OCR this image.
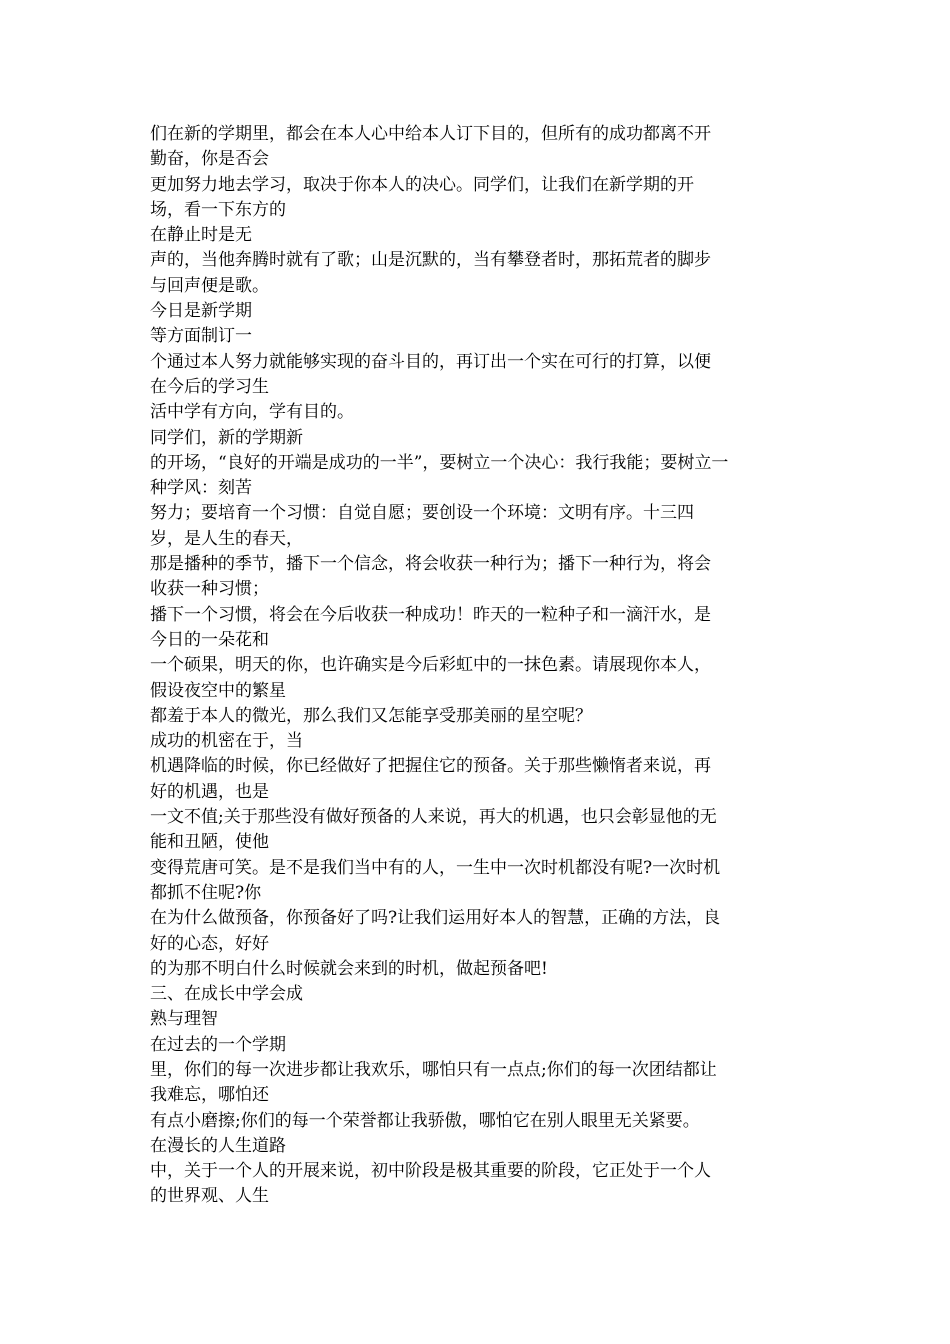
们在新的学期里，都会在本人心中给本人订下目的，但所有的成功都离不开
勤奋，你是否会
更加努力地去学习，取决于你本人的决心。同学们，让我们在新学期的开
场，看一下东方的
在静止时是无
声的，当他奔腾时就有了歌；山是沉默的，当有攀登者时，那拓荒者的脚步
与回声便是歌。
今日是新学期
等方面制订一
个通过本人努力就能够实现的奋斗目的，再订出一个实在可行的打算，以便
在今后的学习生
活中学有方向，学有目的。
同学们，新的学期新
的开场，“良好的开端是成功的一半”，要树立一个决心：我行我能；要树立一
种学风：刻苦
努力；要培育一个习惯：自觉自愿；要创设一个环境：文明有序。十三四
岁，是人生的春天，
那是播种的季节，播下一个信念，将会收获一种行为；播下一种行为，将会
收获一种习惯；
播下一个习惯，将会在今后收获一种成功！昨天的一粒种子和一滴汗水，是
今日的一朵花和
一个硕果，明天的你，也许确实是今后彩虹中的一抹色素。请展现你本人，
假设夜空中的繁星
都羞于本人的微光，那么我们又怎能享受那美丽的星空呢？
成功的机密在于，当
机遇降临的时候，你已经做好了把握住它的预备。关于那些懒惰者来说，再
好的机遇，也是
一文不值;关于那些没有做好预备的人来说，再大的机遇，也只会彰显他的无
能和丑陋，使他
变得荒唐可笑。是不是我们当中有的人，一生中一次时机都没有呢?一次时机
都抓不住呢?你
在为什么做预备，你预备好了吗?让我们运用好本人的智慧，正确的方法，良
好的心态，好好
的为那不明白什么时候就会来到的时机，做起预备吧!
三、在成长中学会成
熟与理智
在过去的一个学期
里，你们的每一次进步都让我欢乐，哪怕只有一点点;你们的每一次团结都让
我难忘，哪怕还
有点小磨擦;你们的每一个荣誉都让我骄傲，哪怕它在别人眼里无关紧要。
在漫长的人生道路
中，关于一个人的开展来说，初中阶段是极其重要的阶段，它正处于一个人
的世界观、人生
